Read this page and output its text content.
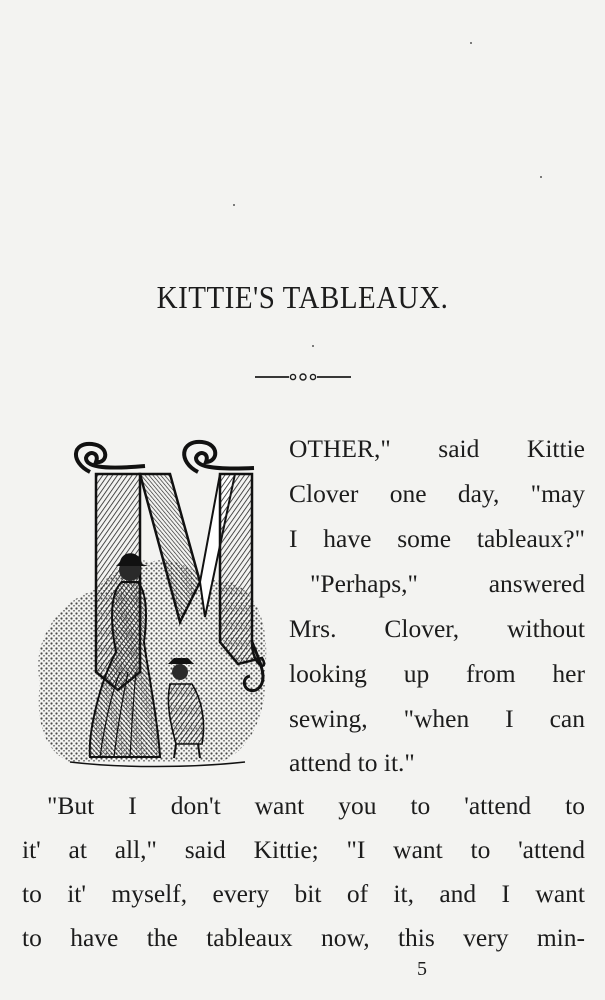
KITTIE'S TABLEAUX.
OTHER," said Kittie
Clover one day, "may
I have some tableaux?"
"Perhaps," answered
Mrs. Clover, without
looking up from her
sewing, "when I can
attend to it."
"But I don't want you to 'attend to
it' at all," said Kittie; "I want to 'attend
to it' myself, every bit of it, and I want
to have the tableaux now, this very min-
5
